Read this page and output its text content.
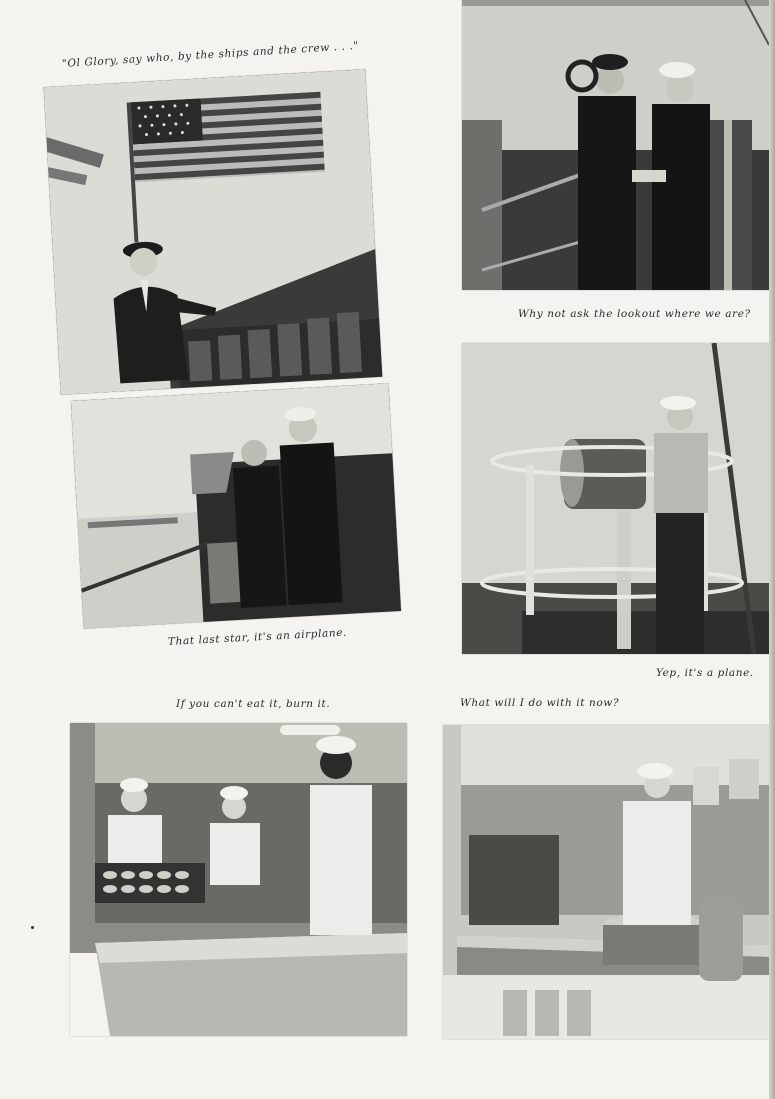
"Ol Glory, say who, by the ships and the crew . . ."
That last star, it's an airplane.
Why not ask the lookout where we are?
Yep, it's a plane.
If you can't eat it, burn it.	What will I do with it now?
